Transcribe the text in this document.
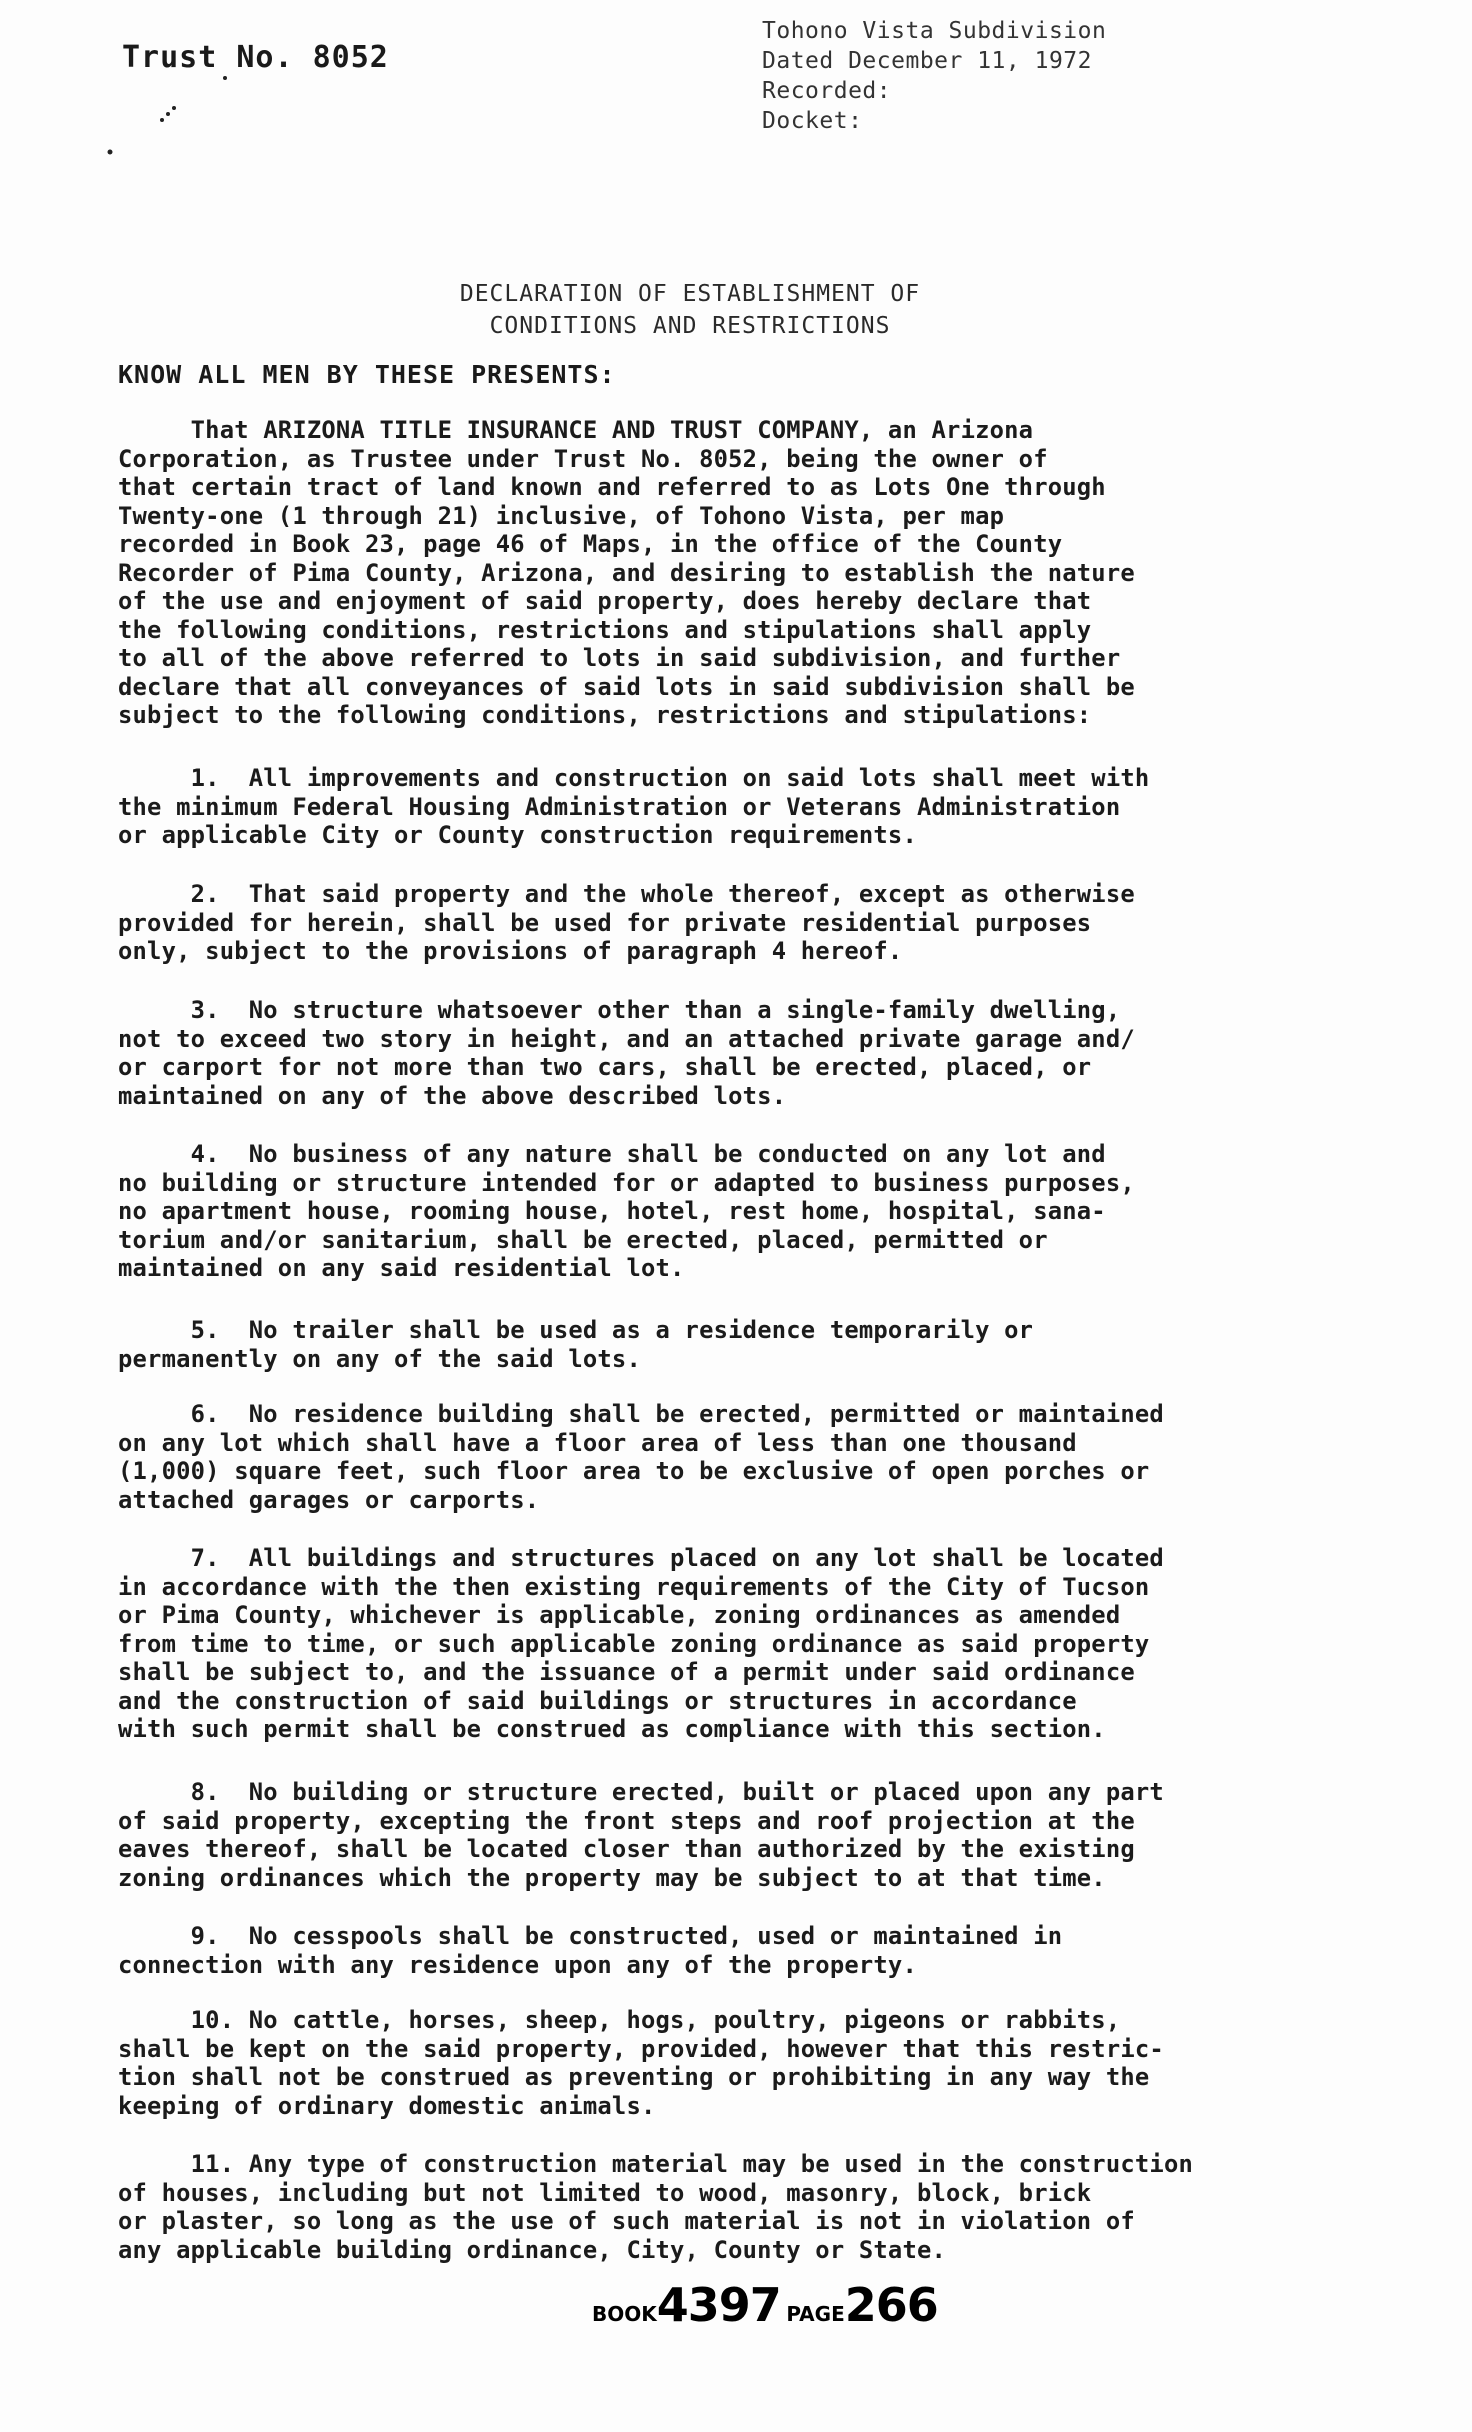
Trust No. 8052
Tohono Vista Subdivision
Dated December 11, 1972
Recorded:
Docket:
DECLARATION OF ESTABLISHMENT OF
CONDITIONS AND RESTRICTIONS
KNOW ALL MEN BY THESE PRESENTS:
That ARIZONA TITLE INSURANCE AND TRUST COMPANY, an Arizona
Corporation, as Trustee under Trust No. 8052, being the owner of
that certain tract of land known and referred to as Lots One through
Twenty-one (1 through 21) inclusive, of Tohono Vista, per map
recorded in Book 23, page 46 of Maps, in the office of the County
Recorder of Pima County, Arizona, and desiring to establish the nature
of the use and enjoyment of said property, does hereby declare that
the following conditions, restrictions and stipulations shall apply
to all of the above referred to lots in said subdivision, and further
declare that all conveyances of said lots in said subdivision shall be
subject to the following conditions, restrictions and stipulations:
1.  All improvements and construction on said lots shall meet with
the minimum Federal Housing Administration or Veterans Administration
or applicable City or County construction requirements.
2.  That said property and the whole thereof, except as otherwise
provided for herein, shall be used for private residential purposes
only, subject to the provisions of paragraph 4 hereof.
3.  No structure whatsoever other than a single-family dwelling,
not to exceed two story in height, and an attached private garage and/
or carport for not more than two cars, shall be erected, placed, or
maintained on any of the above described lots.
4.  No business of any nature shall be conducted on any lot and
no building or structure intended for or adapted to business purposes,
no apartment house, rooming house, hotel, rest home, hospital, sana-
torium and/or sanitarium, shall be erected, placed, permitted or
maintained on any said residential lot.
5.  No trailer shall be used as a residence temporarily or
permanently on any of the said lots.
6.  No residence building shall be erected, permitted or maintained
on any lot which shall have a floor area of less than one thousand
(1,000) square feet, such floor area to be exclusive of open porches or
attached garages or carports.
7.  All buildings and structures placed on any lot shall be located
in accordance with the then existing requirements of the City of Tucson
or Pima County, whichever is applicable, zoning ordinances as amended
from time to time, or such applicable zoning ordinance as said property
shall be subject to, and the issuance of a permit under said ordinance
and the construction of said buildings or structures in accordance
with such permit shall be construed as compliance with this section.
8.  No building or structure erected, built or placed upon any part
of said property, excepting the front steps and roof projection at the
eaves thereof, shall be located closer than authorized by the existing
zoning ordinances which the property may be subject to at that time.
9.  No cesspools shall be constructed, used or maintained in
connection with any residence upon any of the property.
10. No cattle, horses, sheep, hogs, poultry, pigeons or rabbits,
shall be kept on the said property, provided, however that this restric-
tion shall not be construed as preventing or prohibiting in any way the
keeping of ordinary domestic animals.
11. Any type of construction material may be used in the construction
of houses, including but not limited to wood, masonry, block, brick
or plaster, so long as the use of such material is not in violation of
any applicable building ordinance, City, County or State.
BOOK4397 PAGE266
